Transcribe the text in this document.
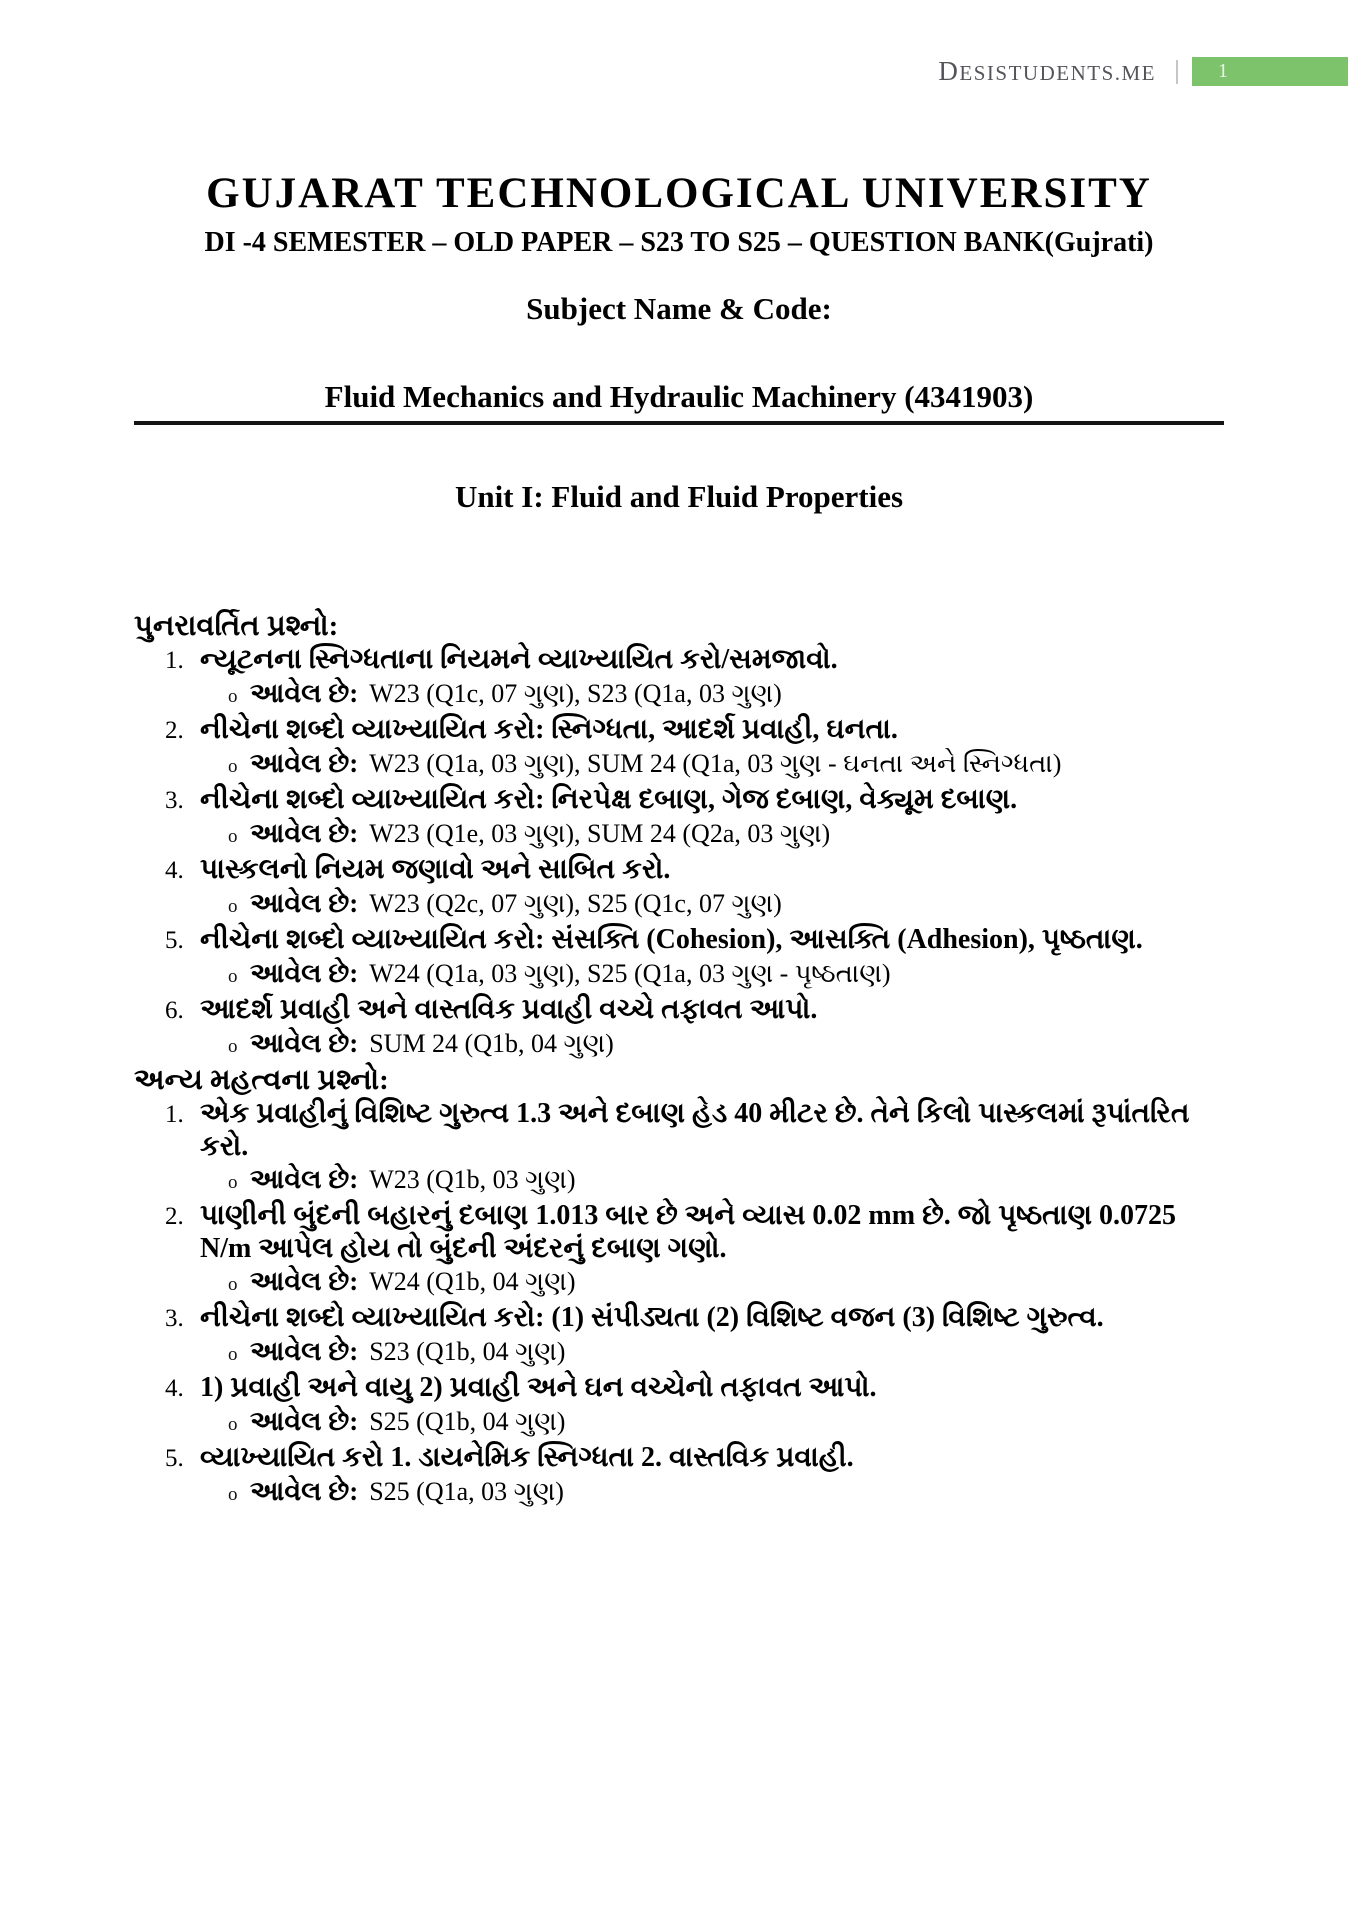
DESISTUDENTS.ME	1
GUJARAT TECHNOLOGICAL UNIVERSITY
DI -4 SEMESTER – OLD PAPER – S23 TO S25 – QUESTION BANK(Gujrati)
Subject Name & Code:
Fluid Mechanics and Hydraulic Machinery (4341903)
Unit I: Fluid and Fluid Properties
પુનરાવર્તિત પ્રશ્નો:
1. ન્યૂટનના સ્નિગ્ધતાના નિયમને વ્યાખ્યાયિત કરો/સમજાવો.
o આવેલ છે: W23 (Q1c, 07 ગુણ), S23 (Q1a, 03 ગુણ)
2. નીચેના શબ્દો વ્યાખ્યાયિત કરો: સ્નિગ્ધતા, આદર્શ પ્રવાહી, ઘનતા.
o આવેલ છે: W23 (Q1a, 03 ગુણ), SUM 24 (Q1a, 03 ગુણ - ઘનતા અને સ્નિગ્ધતા)
3. નીચેના શબ્દો વ્યાખ્યાયિત કરો: નિરપેક્ષ દબાણ, ગેજ દબાણ, વેક્યૂમ દબાણ.
o આવેલ છે: W23 (Q1e, 03 ગુણ), SUM 24 (Q2a, 03 ગુણ)
4. પાસ્કલનો નિયમ જણાવો અને સાબિત કરો.
o આવેલ છે: W23 (Q2c, 07 ગુણ), S25 (Q1c, 07 ગુણ)
5. નીચેના શબ્દો વ્યાખ્યાયિત કરો: સંસક્તિ (Cohesion), આસક્તિ (Adhesion), પૃષ્ઠતાણ.
o આવેલ છે: W24 (Q1a, 03 ગુણ), S25 (Q1a, 03 ગુણ - પૃષ્ઠતાણ)
6. આદર્શ પ્રવાહી અને વાસ્તવિક પ્રવાહી વચ્ચે તફાવત આપો.
o આવેલ છે: SUM 24 (Q1b, 04 ગુણ)
અન્ય મહત્વના પ્રશ્નો:
1. એક પ્રવાહીનું વિશિષ્ટ ગુરુત્વ 1.3 અને દબાણ હેડ 40 મીટર છે. તેને કિલો પાસ્કલમાં રૂપાંતરિત કરો.
o આવેલ છે: W23 (Q1b, 03 ગુણ)
2. પાણીની બુંદની બહારનું દબાણ 1.013 બાર છે અને વ્યાસ 0.02 mm છે. જો પૃષ્ઠતાણ 0.0725 N/m આપેલ હોય તો બુંદની અંદરનું દબાણ ગણો.
o આવેલ છે: W24 (Q1b, 04 ગુણ)
3. નીચેના શબ્દો વ્યાખ્યાયિત કરો: (1) સંપીડ્યતા (2) વિશિષ્ટ વજન (3) વિશિષ્ટ ગુરુત્વ.
o આવેલ છે: S23 (Q1b, 04 ગુણ)
4. 1) પ્રવાહી અને વાયુ 2) પ્રવાહી અને ઘન વચ્ચેનો તફાવત આપો.
o આવેલ છે: S25 (Q1b, 04 ગુણ)
5. વ્યાખ્યાયિત કરો 1. ડાયનેમિક સ્નિગ્ધતા 2. વાસ્તવિક પ્રવાહી.
o આવેલ છે: S25 (Q1a, 03 ગુણ)
